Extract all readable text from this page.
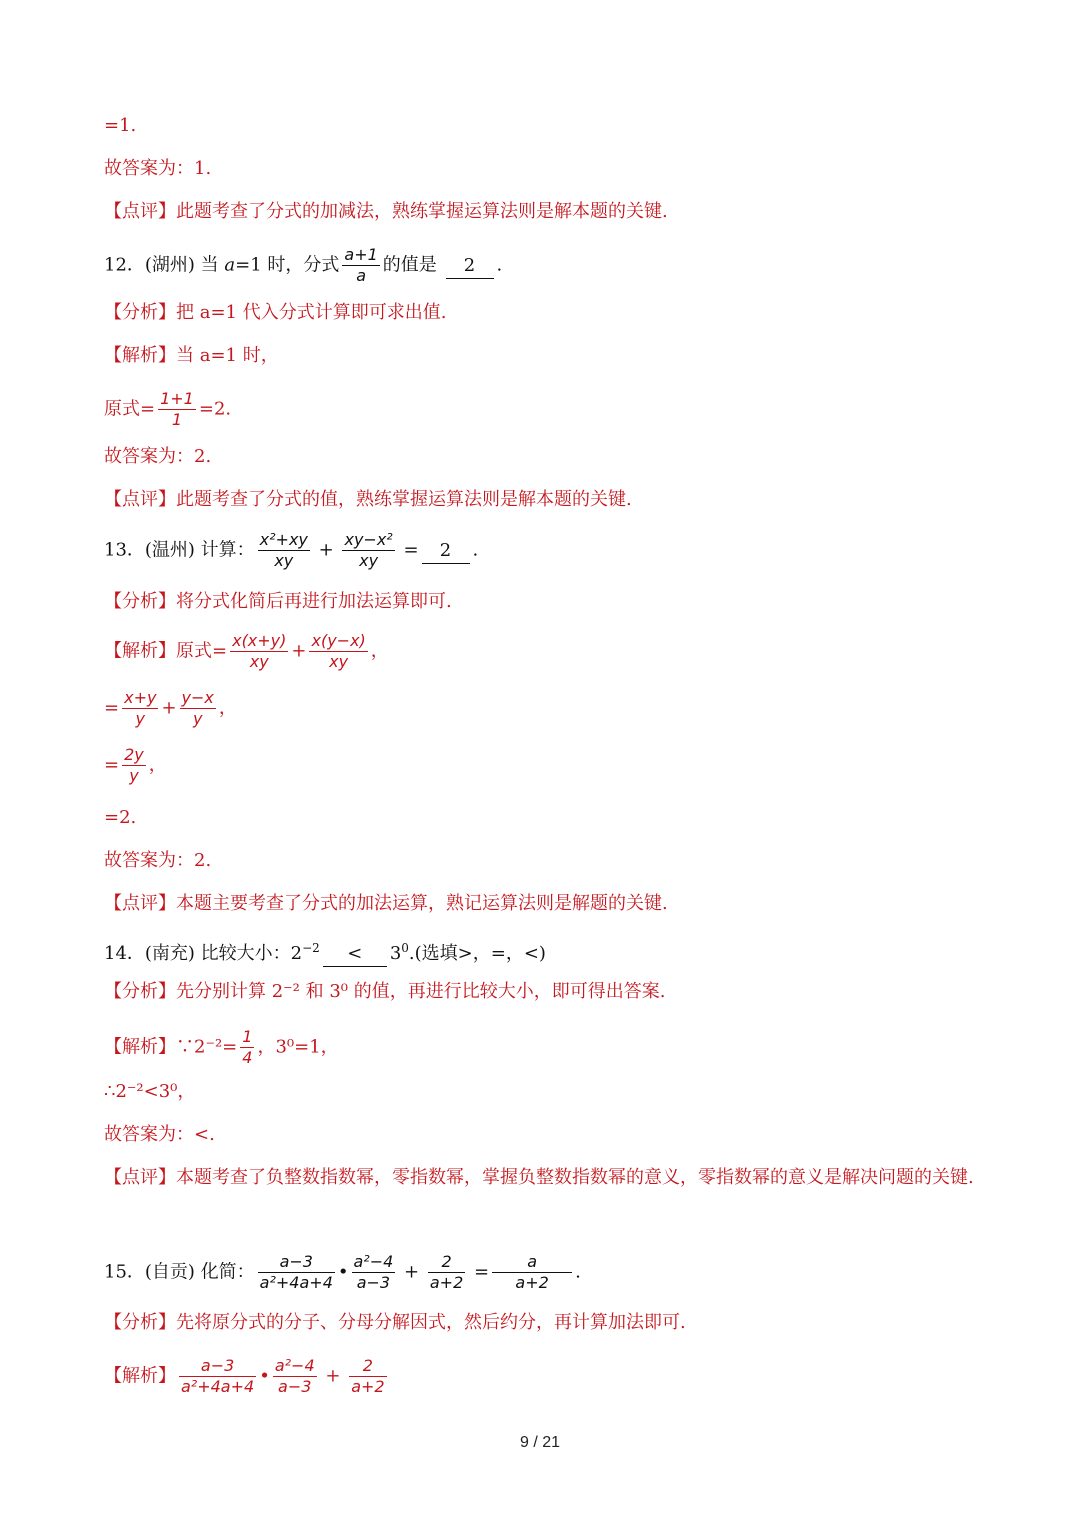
=1.
故答案为：1.
【点评】此题考查了分式的加减法，熟练掌握运算法则是解本题的关键.
12．(湖州) 当 a=1 时，分式 $\frac{a+1}{a}$ 的值是 2 .
【分析】把 a=1 代入分式计算即可求出值.
【解析】当 a=1 时，
原式= $\frac{1+1}{1} =2$.
故答案为：2.
【点评】此题考查了分式的值，熟练掌握运算法则是解本题的关键.
13．(温州) 计算： $\frac{\text{x²+xy}}{xy} + \frac{\text{xy−x²}}{xy} = 2$ .
【分析】将分式化简后再进行加法运算即可.
【解析】原式= $\frac{x(x+y)}{xy} + \frac{x(y-x)}{xy}$ ，
= $\frac{x+y}{y} + \frac{y-x}{y}$ ，
= $\frac{2y}{y}$ ，
=2.
故答案为：2.
【点评】本题主要考查了分式的加法运算，熟记运算法则是解题的关键.
14．(南充) 比较大小：$2^{-2} < 3^0$.(选填>，=，<)
【分析】先分别计算 2⁻² 和 3⁰ 的值，再进行比较大小，即可得出答案.
【解析】∵2⁻²= $\frac{1}{4}$ ，3⁰=1，
∴2⁻²<3⁰，
故答案为：<.
【点评】本题考查了负整数指数幂，零指数幂，掌握负整数指数幂的意义，零指数幂的意义是解决问题的关键.
15．(自贡) 化简： $\frac{a-3}{\text{a²+4a+4}}$ • $\frac{\text{a²−4}}{a-3} + \frac{2}{a+2} = \frac{a}{a+2}$ .
【分析】先将原分式的分子、分母分解因式，然后约分，再计算加法即可.
【解析】 $\frac{a-3}{\text{a²+4a+4}}$ • $\frac{\text{a²−4}}{a-3} + \frac{2}{a+2}$
9 / 21
